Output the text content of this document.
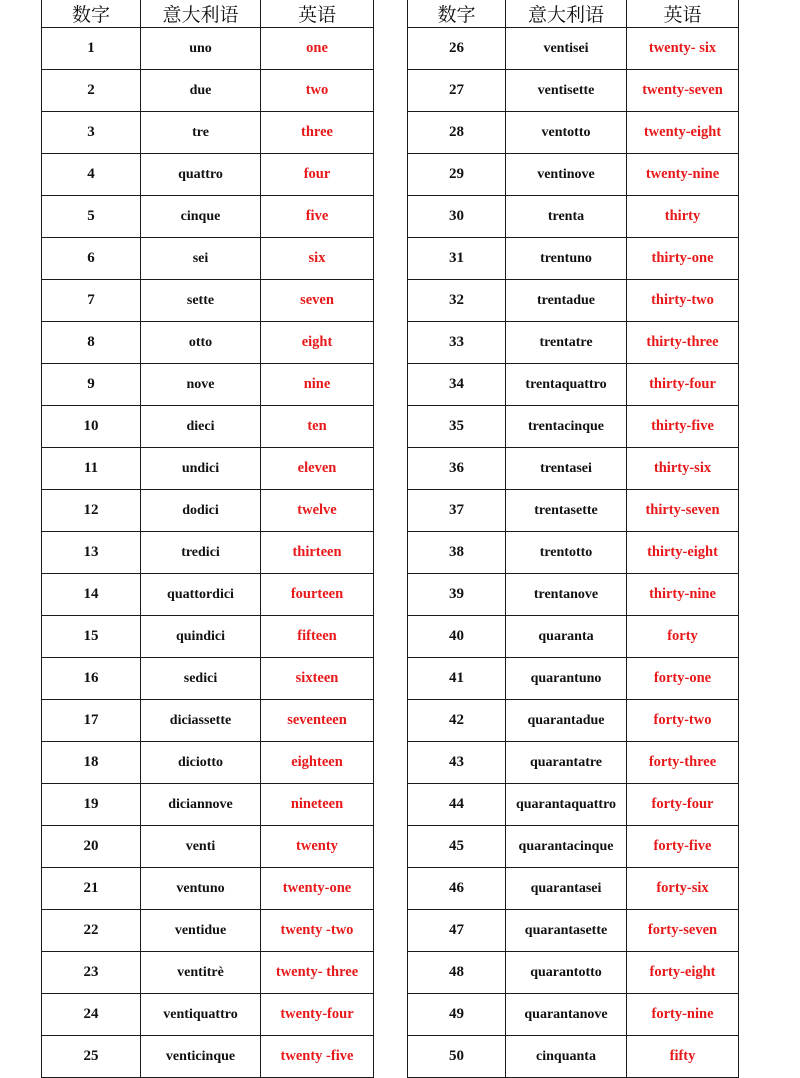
数字	意大利语	英语
1	uno	one
2	due	two
3	tre	three
4	quattro	four
5	cinque	five
6	sei	six
7	sette	seven
8	otto	eight
9	nove	nine
10	dieci	ten
11	undici	eleven
12	dodici	twelve
13	tredici	thirteen
14	quattordici	fourteen
15	quindici	fifteen
16	sedici	sixteen
17	diciassette	seventeen
18	diciotto	eighteen
19	diciannove	nineteen
20	venti	twenty
21	ventuno	twenty-one
22	ventidue	twenty -two
23	ventitrè	twenty- three
24	ventiquattro	twenty-four
25	venticinque	twenty -five
数字	意大利语	英语
26	ventisei	twenty- six
27	ventisette	twenty-seven
28	ventotto	twenty-eight
29	ventinove	twenty-nine
30	trenta	thirty
31	trentuno	thirty-one
32	trentadue	thirty-two
33	trentatre	thirty-three
34	trentaquattro	thirty-four
35	trentacinque	thirty-five
36	trentasei	thirty-six
37	trentasette	thirty-seven
38	trentotto	thirty-eight
39	trentanove	thirty-nine
40	quaranta	forty
41	quarantuno	forty-one
42	quarantadue	forty-two
43	quarantatre	forty-three
44	quarantaquattro	forty-four
45	quarantacinque	forty-five
46	quarantasei	forty-six
47	quarantasette	forty-seven
48	quarantotto	forty-eight
49	quarantanove	forty-nine
50	cinquanta	fifty
